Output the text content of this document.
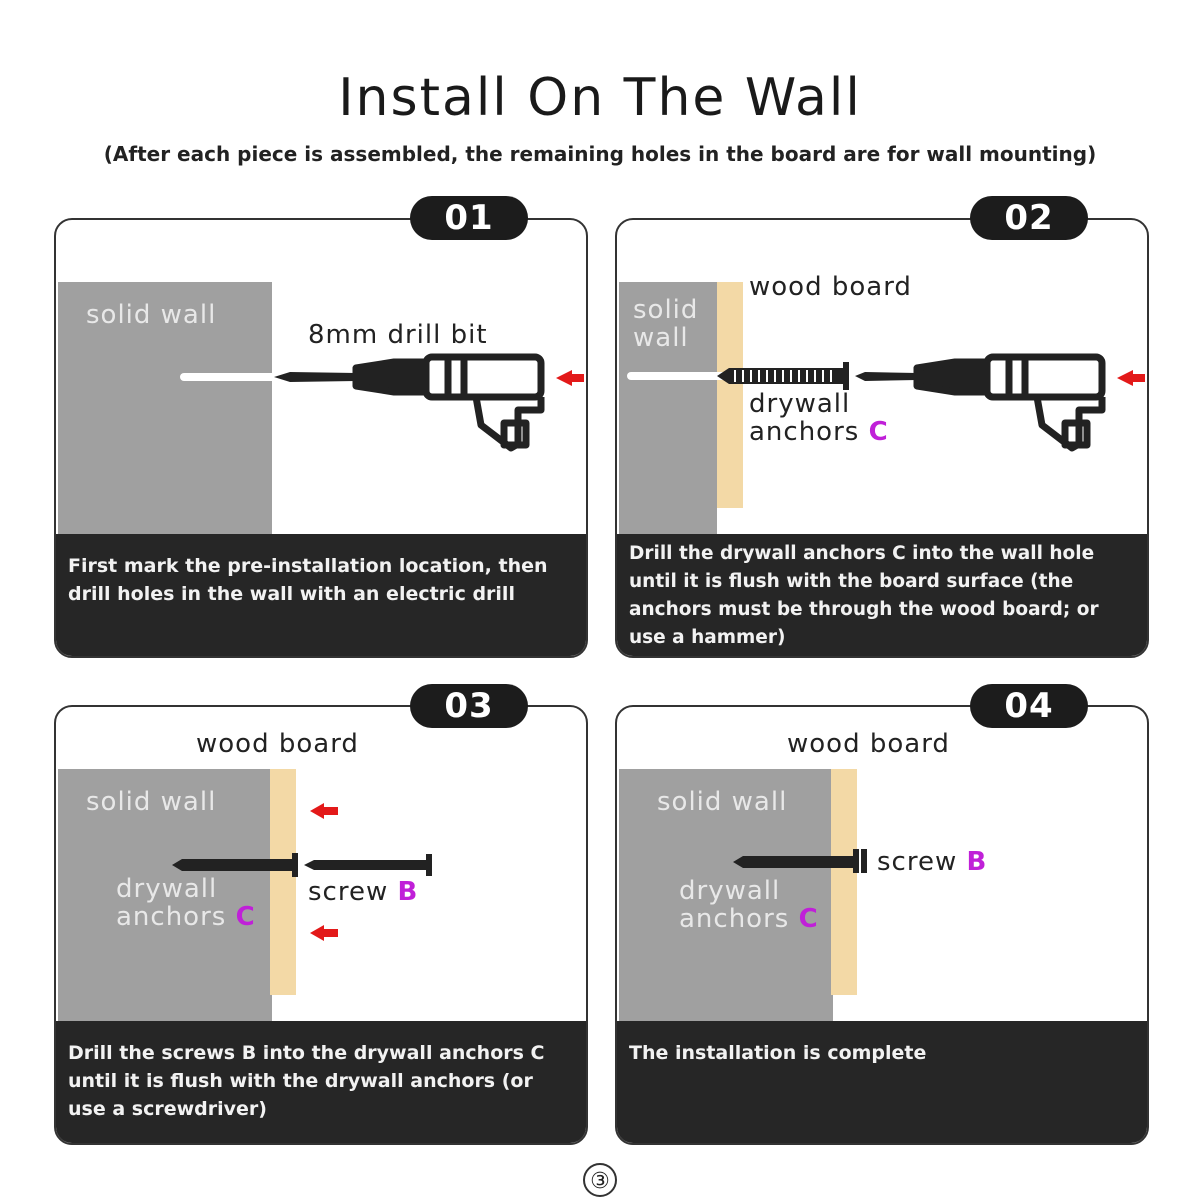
Install On The Wall
(After each piece is assembled, the remaining holes in the board are for wall mounting)
solid wall
8mm drill bit
First mark the pre-installation location, then drill holes in the wall with an electric drill
01
solid
wall
wood board
drywall
anchors C
Drill the drywall anchors C into the wall hole until it is flush with the board surface (the anchors must be through the wood board; or use a hammer)
02
wood board
solid wall
drywall
anchors C
screw B
Drill the screws B into the drywall anchors C until it is flush with the drywall anchors (or use a screwdriver)
03
wood board
solid wall
drywall
anchors C
screw B
The installation is complete
04
③
